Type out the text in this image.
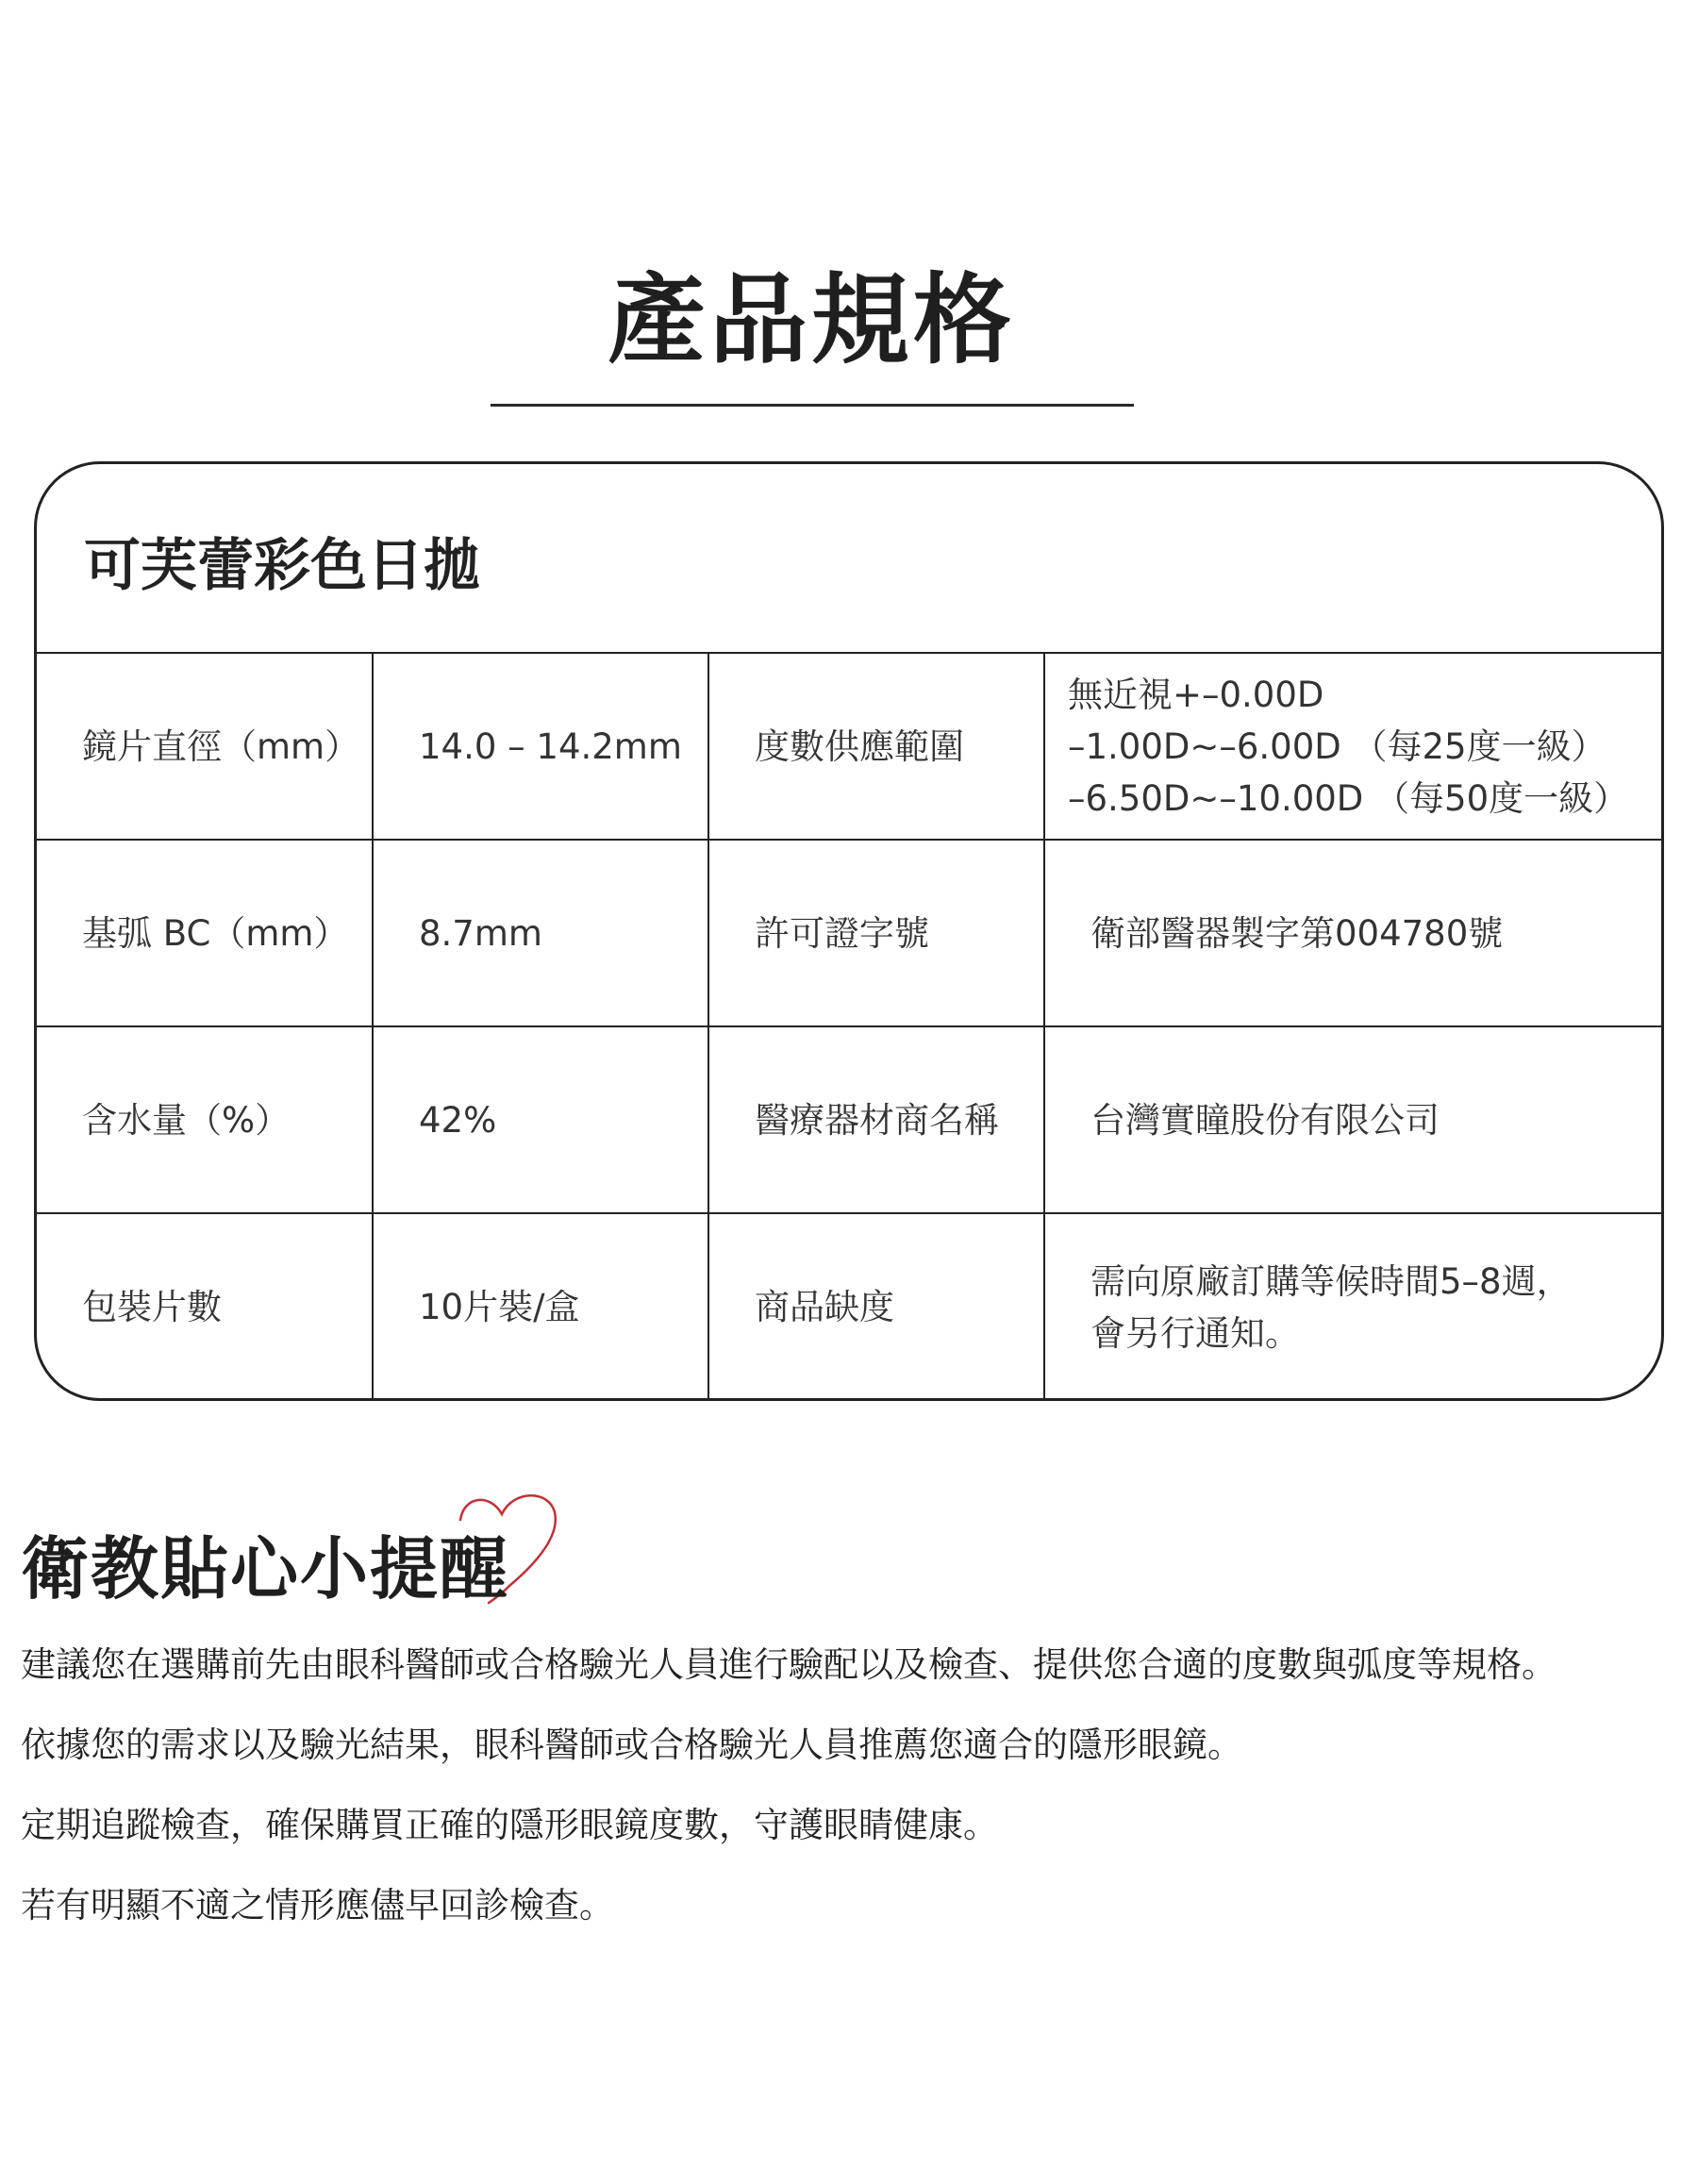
產品規格
可芙蕾彩色日拋
鏡片直徑（mm）	14.0 – 14.2mm	度數供應範圍	無近視+–0.00D
–1.00D~–6.00D （每25度一級）
–6.50D~–10.00D （每50度一級）

基弧 BC（mm）	8.7mm	許可證字號	衛部醫器製字第004780號
含水量（%）	42%	醫療器材商名稱	台灣實瞳股份有限公司
包裝片數	10片裝/盒	商品缺度	需向原廠訂購等候時間5–8週，
會另行通知。
衛教貼心小提醒
建議您在選購前先由眼科醫師或合格驗光人員進行驗配以及檢查、提供您合適的度數與弧度等規格。
依據您的需求以及驗光結果，眼科醫師或合格驗光人員推薦您適合的隱形眼鏡。
定期追蹤檢查，確保購買正確的隱形眼鏡度數，守護眼睛健康。
若有明顯不適之情形應儘早回診檢查。
